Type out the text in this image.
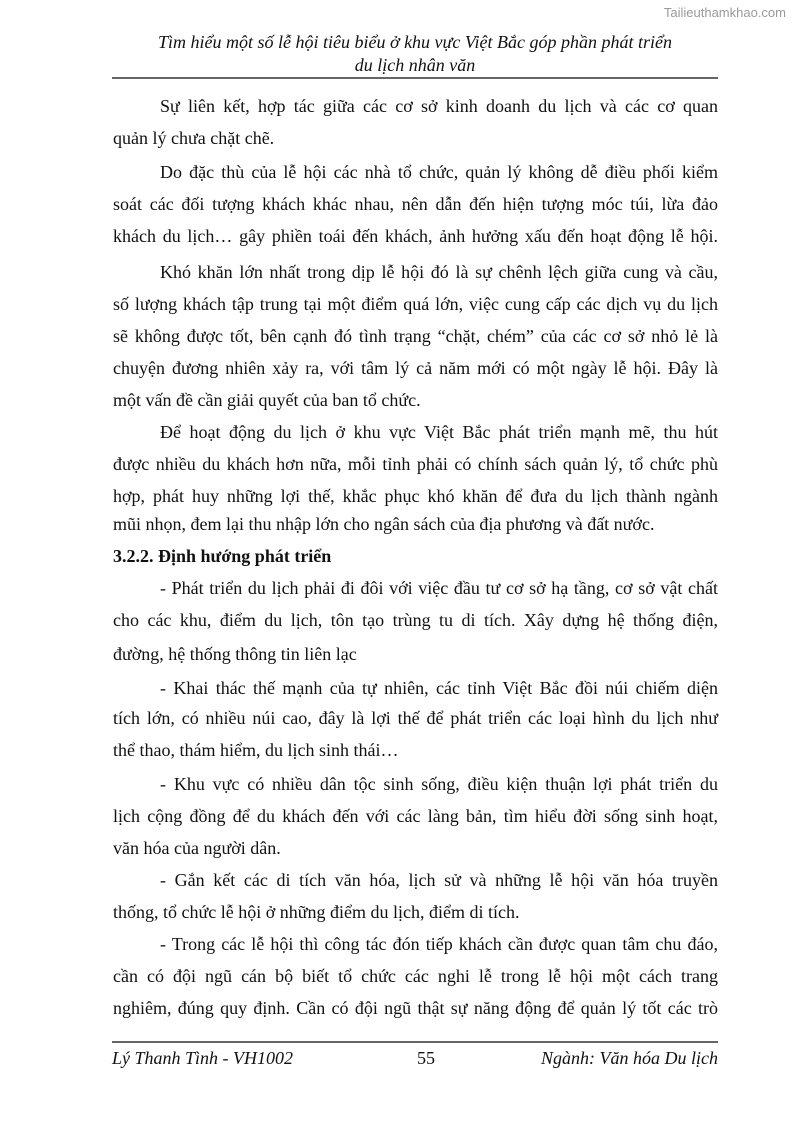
Tailieuthamkhao.com
Tìm hiểu một số lễ hội tiêu biểu ở khu vực Việt Bắc góp phần phát triển
du lịch nhân văn
Sự liên kết, hợp tác giữa các cơ sở kinh doanh du lịch và các cơ quan
quản lý chưa chặt chẽ.
Do đặc thù của lễ hội các nhà tổ chức, quản lý không dễ điều phối kiểm
soát các đối tượng khách khác nhau, nên dẫn đến hiện tượng móc túi, lừa đảo
khách du lịch… gây phiền toái đến khách, ảnh hưởng xấu đến hoạt động lễ hội.
Khó khăn lớn nhất trong dịp lễ hội đó là sự chênh lệch giữa cung và cầu,
số lượng khách tập trung tại một điểm quá lớn, việc cung cấp các dịch vụ du lịch
sẽ không được tốt, bên cạnh đó tình trạng “chặt, chém” của các cơ sở nhỏ lẻ là
chuyện đương nhiên xảy ra, với tâm lý cả năm mới có một ngày lễ hội. Đây là
một vấn đề cần giải quyết của ban tổ chức.
Để hoạt động du lịch ở khu vực Việt Bắc phát triển mạnh mẽ, thu hút
được nhiều du khách hơn nữa, mỗi tỉnh phải có chính sách quản lý, tổ chức phù
hợp, phát huy những lợi thế, khắc phục khó khăn để đưa du lịch thành ngành
mũi nhọn, đem lại thu nhập lớn cho ngân sách của địa phương và đất nước.
3.2.2. Định hướng phát triển
- Phát triển du lịch phải đi đôi với việc đầu tư cơ sở hạ tầng, cơ sở vật chất
cho các khu, điểm du lịch, tôn tạo trùng tu di tích. Xây dựng hệ thống điện,
đường, hệ thống thông tin liên lạc
- Khai thác thế mạnh của tự nhiên, các tỉnh Việt Bắc đồi núi chiếm diện
tích lớn, có nhiều núi cao, đây là lợi thế để phát triển các loại hình du lịch như
thể thao, thám hiểm, du lịch sinh thái…
- Khu vực có nhiều dân tộc sinh sống, điều kiện thuận lợi phát triển du
lịch cộng đồng để du khách đến với các làng bản, tìm hiểu đời sống sinh hoạt,
văn hóa của người dân.
- Gắn kết các di tích văn hóa, lịch sử và những lễ hội văn hóa truyền
thống, tổ chức lễ hội ở những điểm du lịch, điểm di tích.
- Trong các lễ hội thì công tác đón tiếp khách cần được quan tâm chu đáo,
cần có đội ngũ cán bộ biết tổ chức các nghi lễ trong lễ hội một cách trang
nghiêm, đúng quy định. Cần có đội ngũ thật sự năng động để quản lý tốt các trò
Lý Thanh Tình - VH1002	55	Ngành: Văn hóa Du lịch
